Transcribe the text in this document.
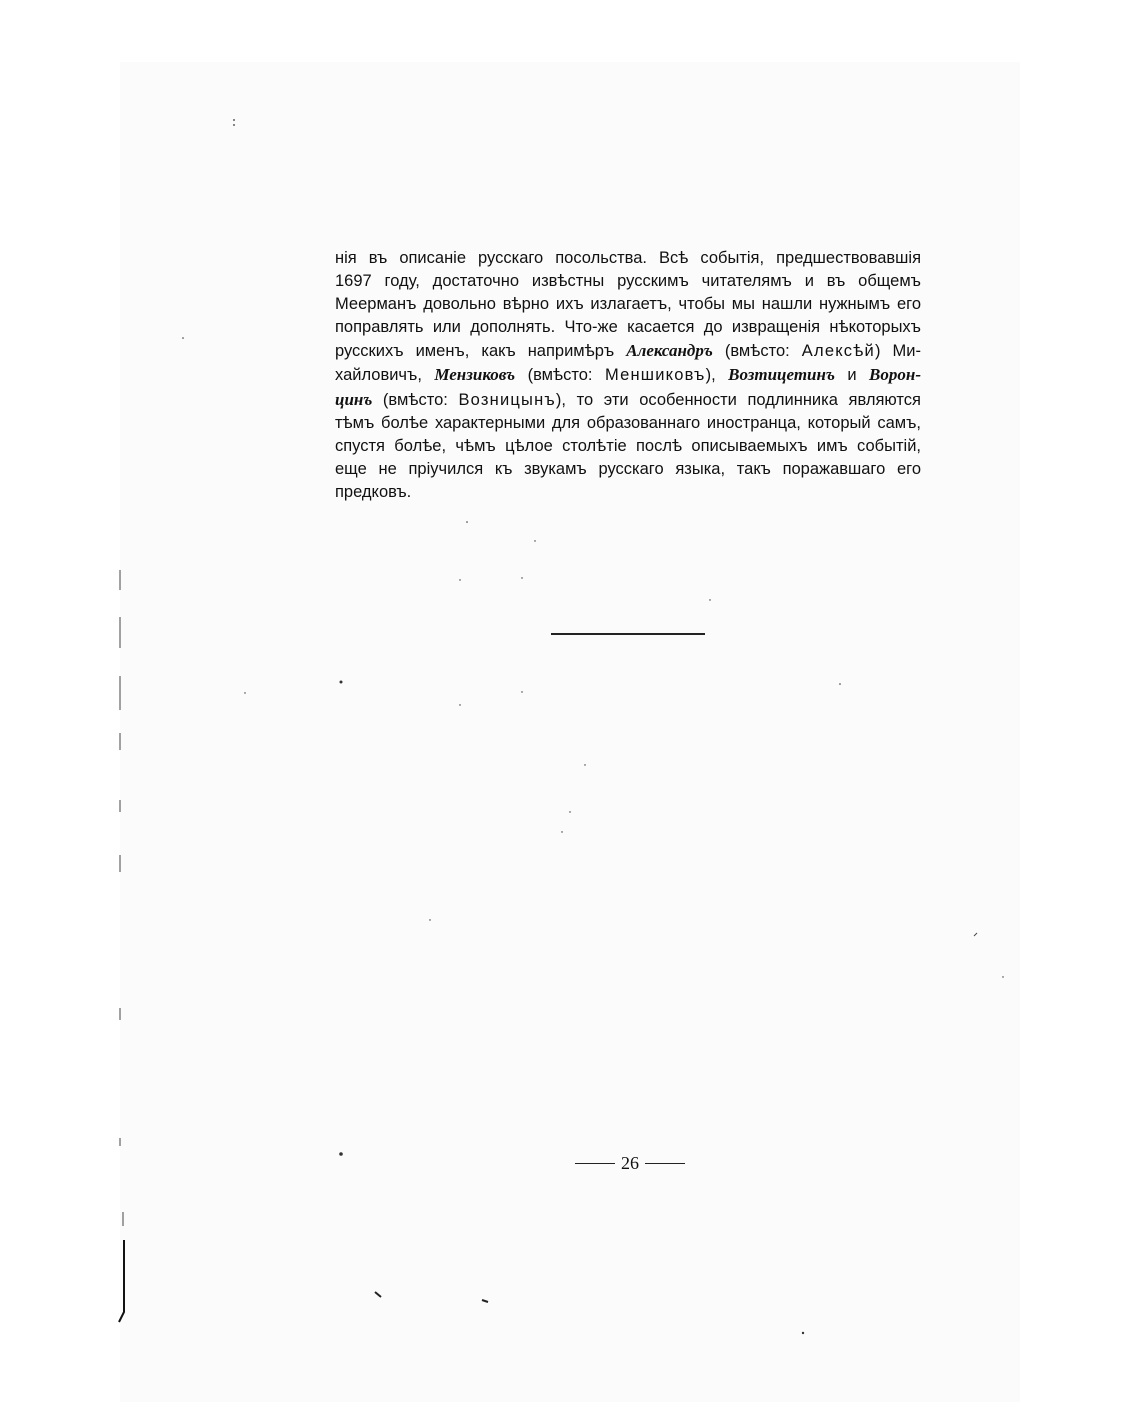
нія въ описаніе русскаго посольства. Всѣ событія, предшествовавшія
1697 году, достаточно извѣстны русскимъ читателямъ и въ общемъ
Меерманъ довольно вѣрно ихъ излагаетъ, чтобы мы нашли нужнымъ его
поправлять или дополнять. Что-же касается до извращенія нѣкоторыхъ
русскихъ именъ, какъ напримѣръ Александръ (вмѣсто: Алексѣй) Ми-
хайловичъ, Мензиковъ (вмѣсто: Меншиковъ), Возтицетинъ и Ворон-
цинъ (вмѣсто: Возницынъ), то эти особенности подлинника являются
тѣмъ болѣе характерными для образованнаго иностранца, который самъ,
спустя болѣе, чѣмъ цѣлое столѣтіе послѣ описываемыхъ имъ событій,
еще не пріучился къ звукамъ русскаго языка, такъ поражавшаго его
предковъ.
26
